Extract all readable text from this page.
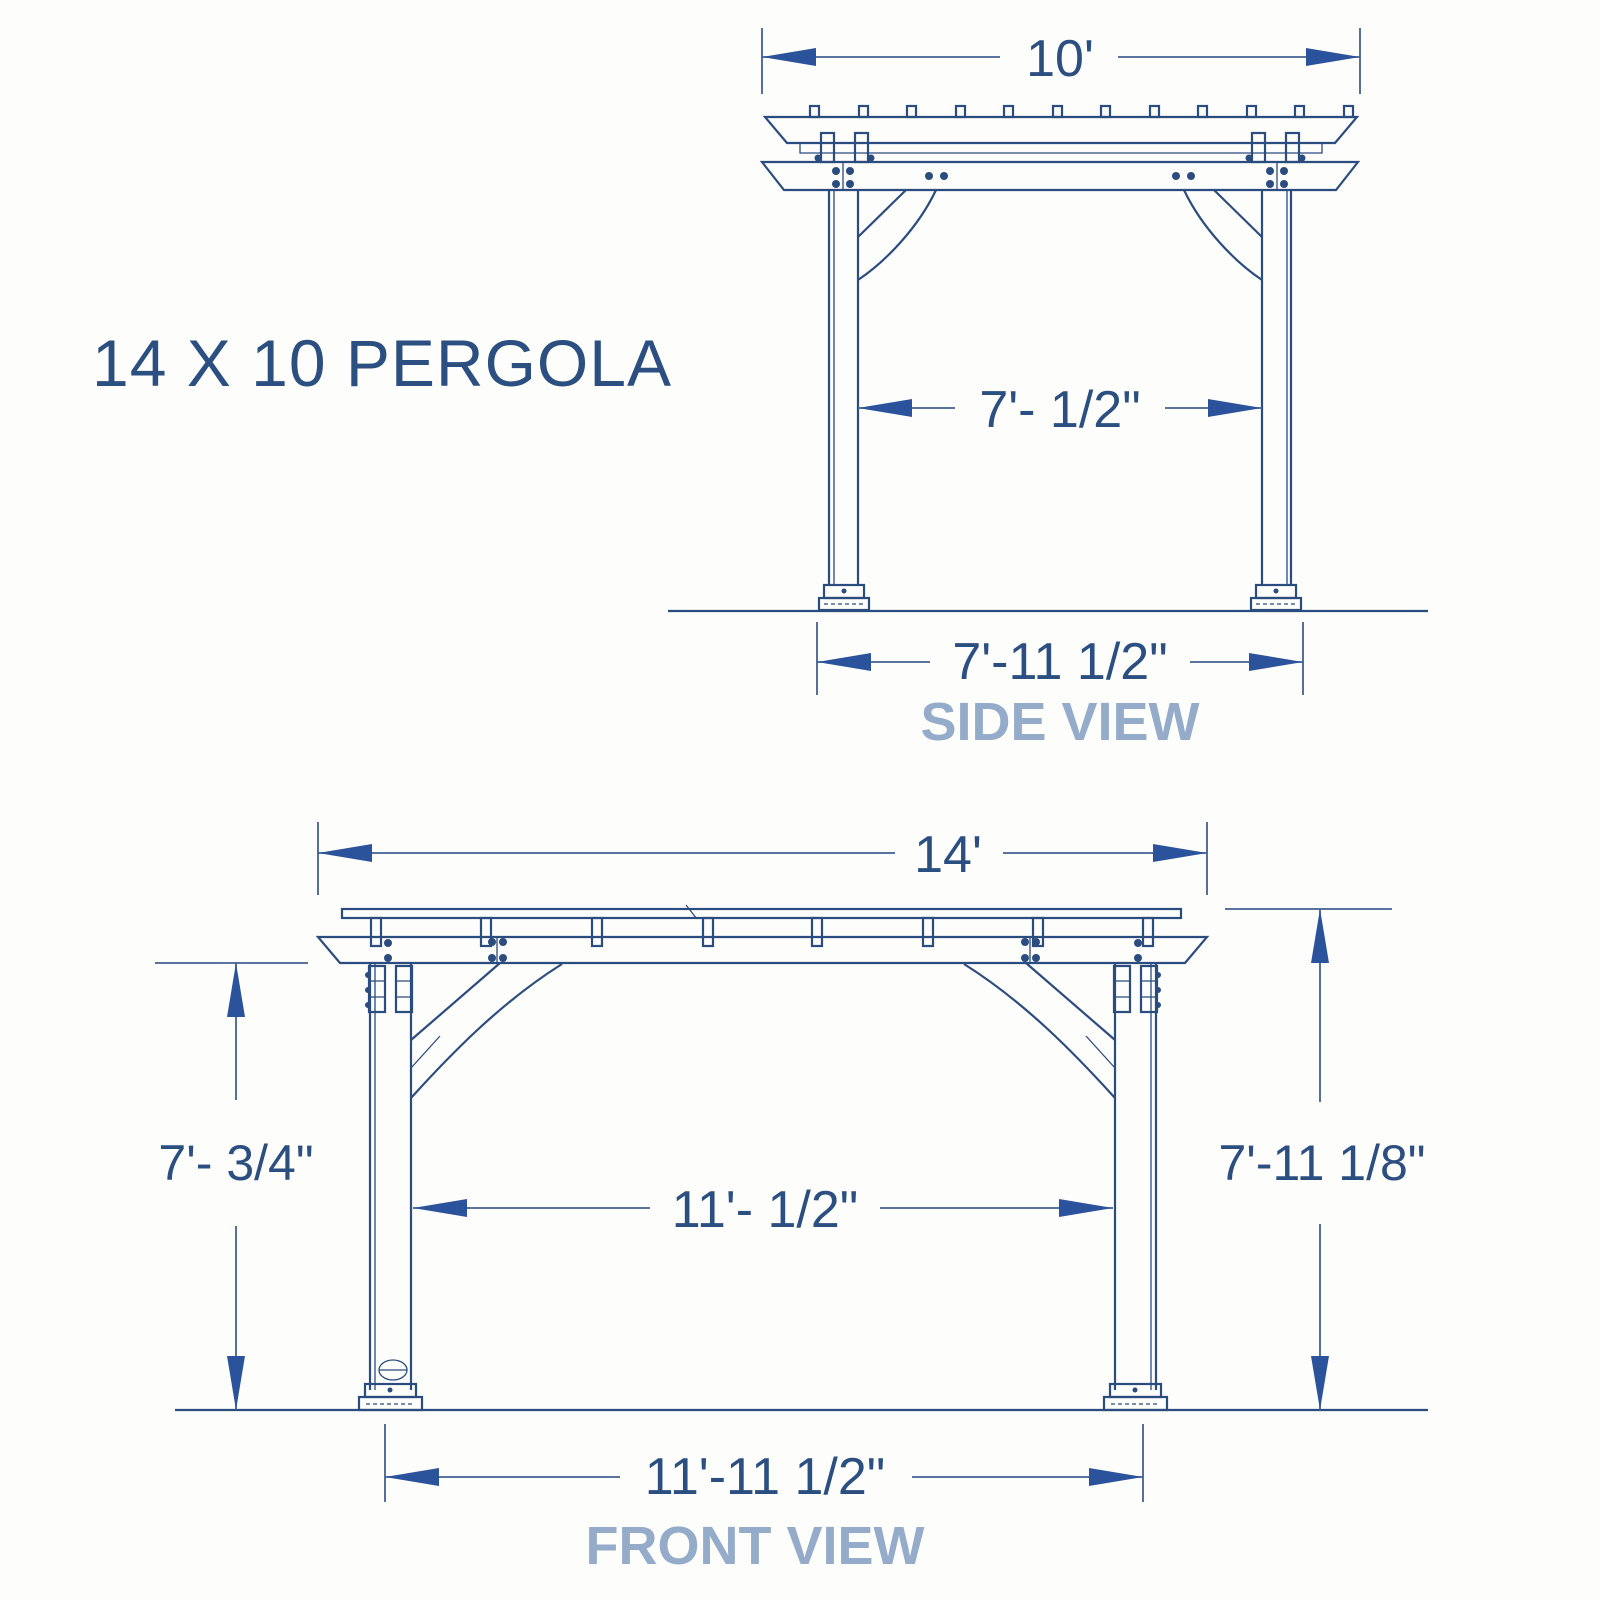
14 X 10 PERGOLA
10'
7'- 1/2"
7'-11 1/2"
SIDE VIEW
14'
7'- 3/4"	7'-11 1/8"
11'- 1/2"
11'-11 1/2"
FRONT VIEW
